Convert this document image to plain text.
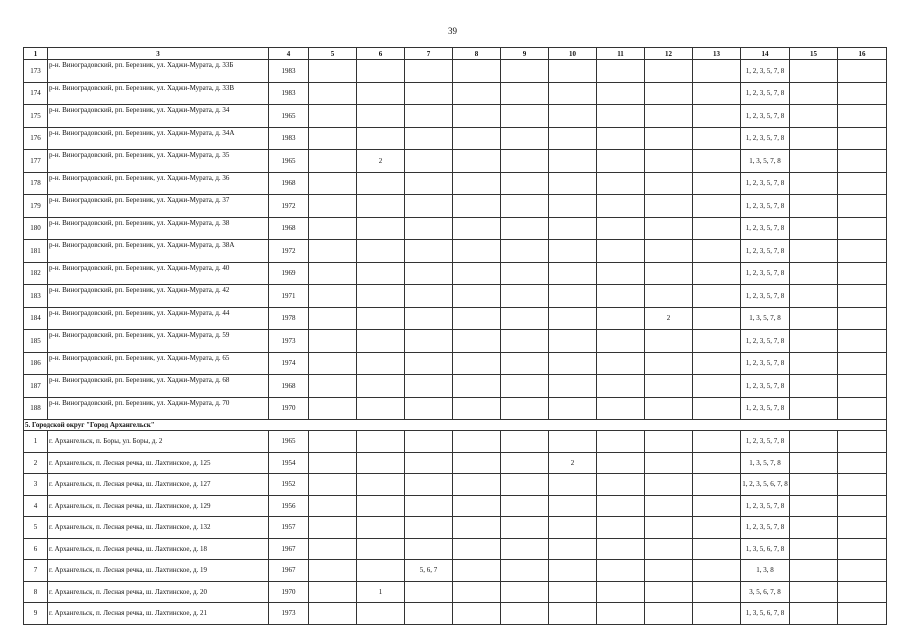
39
1	3	4	5	6	7	8	9	10	11	12	13	14	15	16
173	р-н. Виноградовский, рп. Березник, ул. Хаджи-Мурата, д. 33Б	1983										1, 2, 3, 5, 7, 8		
174	р-н. Виноградовский, рп. Березник, ул. Хаджи-Мурата, д. 33В	1983										1, 2, 3, 5, 7, 8		
175	р-н. Виноградовский, рп. Березник, ул. Хаджи-Мурата, д. 34	1965										1, 2, 3, 5, 7, 8		
176	р-н. Виноградовский, рп. Березник, ул. Хаджи-Мурата, д. 34А	1983										1, 2, 3, 5, 7, 8		
177	р-н. Виноградовский, рп. Березник, ул. Хаджи-Мурата, д. 35	1965		2								1, 3, 5, 7, 8		
178	р-н. Виноградовский, рп. Березник, ул. Хаджи-Мурата, д. 36	1968										1, 2, 3, 5, 7, 8		
179	р-н. Виноградовский, рп. Березник, ул. Хаджи-Мурата, д. 37	1972										1, 2, 3, 5, 7, 8		
180	р-н. Виноградовский, рп. Березник, ул. Хаджи-Мурата, д. 38	1968										1, 2, 3, 5, 7, 8		
181	р-н. Виноградовский, рп. Березник, ул. Хаджи-Мурата, д. 38А	1972										1, 2, 3, 5, 7, 8		
182	р-н. Виноградовский, рп. Березник, ул. Хаджи-Мурата, д. 40	1969										1, 2, 3, 5, 7, 8		
183	р-н. Виноградовский, рп. Березник, ул. Хаджи-Мурата, д. 42	1971										1, 2, 3, 5, 7, 8		
184	р-н. Виноградовский, рп. Березник, ул. Хаджи-Мурата, д. 44	1978								2		1, 3, 5, 7, 8		
185	р-н. Виноградовский, рп. Березник, ул. Хаджи-Мурата, д. 59	1973										1, 2, 3, 5, 7, 8		
186	р-н. Виноградовский, рп. Березник, ул. Хаджи-Мурата, д. 65	1974										1, 2, 3, 5, 7, 8		
187	р-н. Виноградовский, рп. Березник, ул. Хаджи-Мурата, д. 68	1968										1, 2, 3, 5, 7, 8		
188	р-н. Виноградовский, рп. Березник, ул. Хаджи-Мурата, д. 70	1970										1, 2, 3, 5, 7, 8		
5. Городской округ "Город Архангельск"														
1	г. Архангельск, п. Боры, ул. Боры, д. 2	1965										1, 2, 3, 5, 7, 8		
2	г. Архангельск, п. Лесная речка, ш. Лахтинское, д. 125	1954						2				1, 3, 5, 7, 8		
3	г. Архангельск, п. Лесная речка, ш. Лахтинское, д. 127	1952										1, 2, 3, 5, 6, 7, 8		
4	г. Архангельск, п. Лесная речка, ш. Лахтинское, д. 129	1956										1, 2, 3, 5, 7, 8		
5	г. Архангельск, п. Лесная речка, ш. Лахтинское, д. 132	1957										1, 2, 3, 5, 7, 8		
6	г. Архангельск, п. Лесная речка, ш. Лахтинское, д. 18	1967										1, 3, 5, 6, 7, 8		
7	г. Архангельск, п. Лесная речка, ш. Лахтинское, д. 19	1967			5, 6, 7							1, 3, 8		
8	г. Архангельск, п. Лесная речка, ш. Лахтинское, д. 20	1970		1								3, 5, 6, 7, 8		
9	г. Архангельск, п. Лесная речка, ш. Лахтинское, д. 21	1973										1, 3, 5, 6, 7, 8		
